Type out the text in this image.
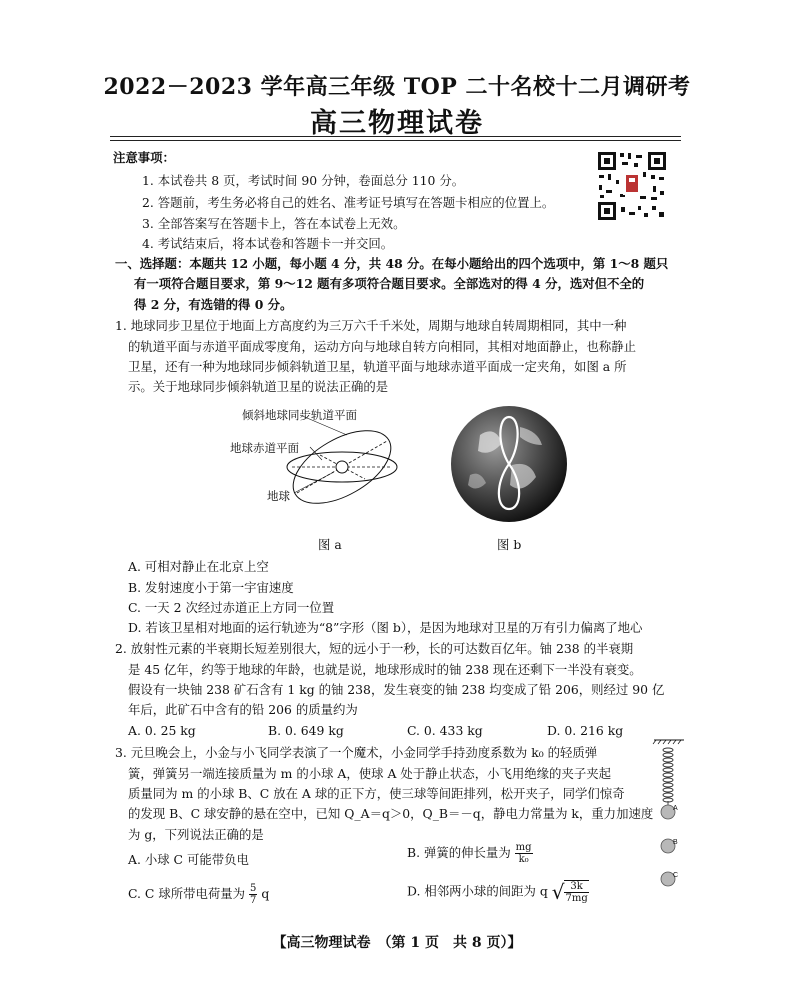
2022－2023 学年高三年级 TOP 二十名校十二月调研考
高三物理试卷
注意事项：
1. 本试卷共 8 页，考试时间 90 分钟，卷面总分 110 分。
2. 答题前，考生务必将自己的姓名、准考证号填写在答题卡相应的位置上。
3. 全部答案写在答题卡上，答在本试卷上无效。
4. 考试结束后，将本试卷和答题卡一并交回。
一、选择题：本题共 12 小题，每小题 4 分，共 48 分。在每小题给出的四个选项中，第 1～8 题只
有一项符合题目要求，第 9～12 题有多项符合题目要求。全部选对的得 4 分，选对但不全的
得 2 分，有选错的得 0 分。
1. 地球同步卫星位于地面上方高度约为三万六千千米处，周期与地球自转周期相同，其中一种
的轨道平面与赤道平面成零度角，运动方向与地球自转方向相同，其相对地面静止，也称静止
卫星，还有一种为地球同步倾斜轨道卫星，轨道平面与地球赤道平面成一定夹角，如图 a 所
示。关于地球同步倾斜轨道卫星的说法正确的是
倾斜地球同步轨道平面
地球赤道平面
地球
图 a	图 b
A. 可相对静止在北京上空
B. 发射速度小于第一宇宙速度
C. 一天 2 次经过赤道正上方同一位置
D. 若该卫星相对地面的运行轨迹为“8”字形（图 b），是因为地球对卫星的万有引力偏离了地心
2. 放射性元素的半衰期长短差别很大，短的远小于一秒，长的可达数百亿年。铀 238 的半衰期
是 45 亿年，约等于地球的年龄，也就是说，地球形成时的铀 238 现在还剩下一半没有衰变。
假设有一块铀 238 矿石含有 1 kg 的铀 238，发生衰变的铀 238 均变成了铅 206，则经过 90 亿
年后，此矿石中含有的铅 206 的质量约为
A. 0. 25 kg	B. 0. 649 kg	C. 0. 433 kg	D. 0. 216 kg
3. 元旦晚会上，小金与小飞同学表演了一个魔术，小金同学手持劲度系数为 k₀ 的轻质弹
簧，弹簧另一端连接质量为 m 的小球 A，使球 A 处于静止状态，小飞用绝缘的夹子夹起
质量同为 m 的小球 B、C 放在 A 球的正下方，使三球等间距排列，松开夹子，同学们惊奇
的发现 B、C 球安静的悬在空中，已知 Q_A＝q＞0，Q_B＝－q，静电力常量为 k，重力加速度
为 g，下列说法正确的是
A
B
C
A. 小球 C 可能带负电	B. 弹簧的伸长量为 $\frac{mg}{\text{k₀}}$
C. C 球所带电荷量为 $\frac{5}{7}$ q	D. 相邻两小球的间距为 q √ $\frac{3k}{7mg}$
【高三物理试卷　（第 1 页　共 8 页）】
